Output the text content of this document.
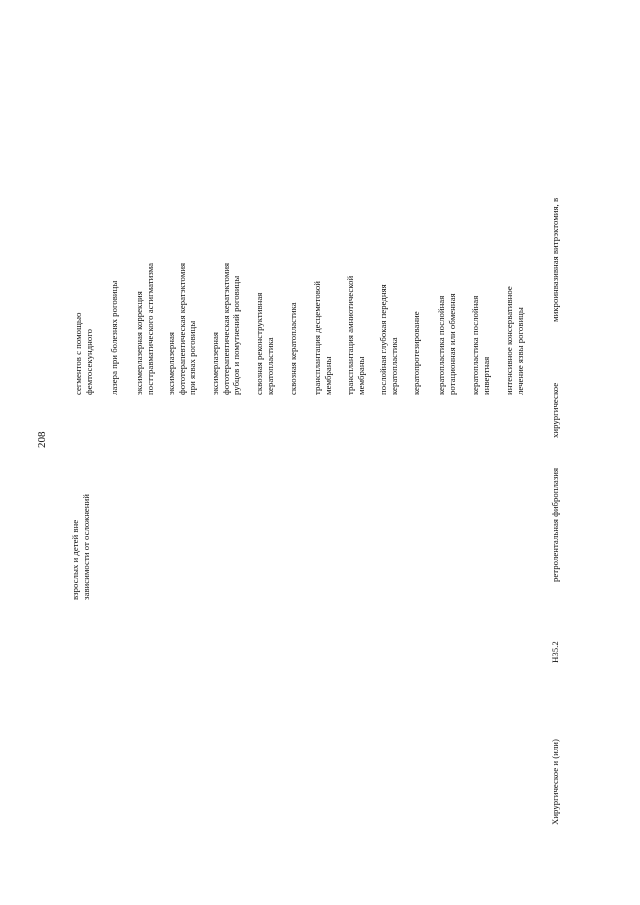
208
взрослых и детей вне зависимости от осложнений
сегментов с помощью фемтосекундного лазера при болезнях роговицы эксимерлазерная коррекция посттравматического астигматизма эксимерлазерная фототерапевтическая кератэктомия при язвах роговицы эксимерлазерная фототерапевтическая кератэктомия рубцов и помутнений роговицы сквозная реконструктивная кератопластика сквозная кератопластика трансплантация десцеметовой мембраны трансплантация амниотической мембраны послойная глубокая передняя кератопластика кератопротезирование кератопластика послойная ротационная или обменная кератопластика послойная инвертная интенсивное консервативное лечение язвы роговицы
Хирургическое и (или)
H35.2
ретролентальная фиброплазия
хирургическое
микроинвазивная витрэктомия, в
